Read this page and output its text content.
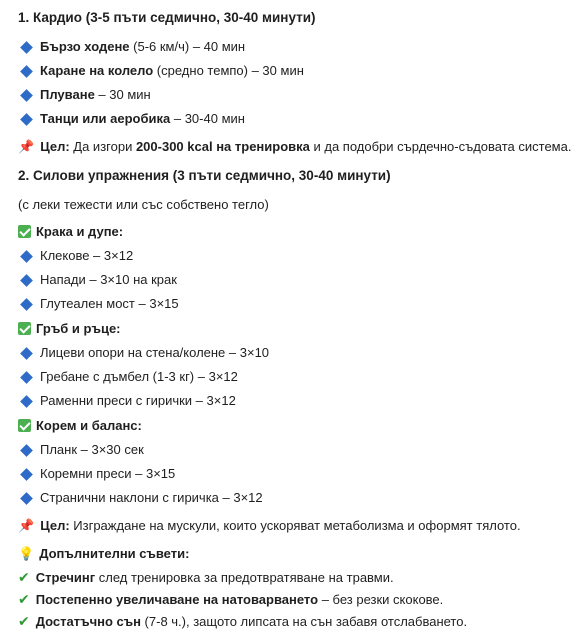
1. Кардио (3-5 пъти седмично, 30-40 минути)
Бързо ходене (5-6 км/ч) – 40 мин
Каране на колело (средно темпо) – 30 мин
Плуване – 30 мин
Танци или аеробика – 30-40 мин
📌 Цел: Да изгори 200-300 kcal на тренировка и да подобри сърдечно-съдовата система.
2. Силови упражнения (3 пъти седмично, 30-40 минути)
(с леки тежести или със собствено тегло)
Крака и дупе:
Клекове – 3×12
Напади – 3×10 на крак
Глутеален мост – 3×15
Гръб и ръце:
Лицеви опори на стена/колене – 3×10
Гребане с дъмбел (1-3 кг) – 3×12
Раменни преси с гирички – 3×12
Корем и баланс:
Планк – 3×30 сек
Коремни преси – 3×15
Странични наклони с гиричка – 3×12
📌 Цел: Изграждане на мускули, които ускоряват метаболизма и оформят тялото.
💡 Допълнителни съвети:
✔ Стречинг след тренировка за предотвратяване на травми.
✔ Постепенно увеличаване на натоварването – без резки скокове.
✔ Достатъчно сън (7-8 ч.), защото липсата на сън забавя отслабването.
